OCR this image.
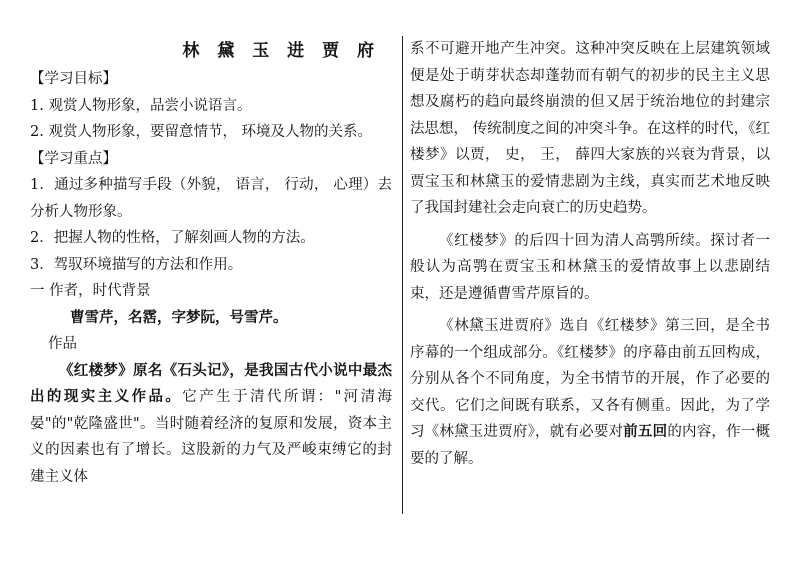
林 黛 玉 进 贾 府
【学习目标】
1. 观赏人物形象，品尝小说语言。
2. 观赏人物形象，要留意情节， 环境及人物的关系。
【学习重点】
1．通过多种描写手段（外貌， 语言， 行动， 心理）去分析人物形象。
2．把握人物的性格，了解刻画人物的方法。
3．驾驭环境描写的方法和作用。
一 作者，时代背景
曹雪芹，名霑，字梦阮，号雪芹。
作品
《红楼梦》原名《石头记》，是我国古代小说中最杰出的现实主义作品。它产生于清代所谓："河清海晏"的"乾隆盛世"。当时随着经济的复原和发展，资本主义的因素也有了增长。这股新的力气及严峻束缚它的封建主义体
系不可避开地产生冲突。这种冲突反映在上层建筑领域便是处于萌芽状态却蓬勃而有朝气的初步的民主主义思想及腐朽的趋向最终崩溃的但又居于统治地位的封建宗法思想， 传统制度之间的冲突斗争。在这样的时代，《红楼梦》以贾， 史， 王， 薛四大家族的兴衰为背景，以贾宝玉和林黛玉的爱情悲剧为主线，真实而艺术地反映了我国封建社会走向衰亡的历史趋势。
《红楼梦》的后四十回为清人高鹗所续。探讨者一般认为高鹗在贾宝玉和林黛玉的爱情故事上以悲剧结束，还是遵循曹雪芹原旨的。
《林黛玉进贾府》选自《红楼梦》第三回，是全书序幕的一个组成部分。《红楼梦》的序幕由前五回构成，分别从各个不同角度，为全书情节的开展，作了必要的交代。它们之间既有联系，又各有侧重。因此，为了学习《林黛玉进贾府》，就有必要对前五回的内容，作一概要的了解。
